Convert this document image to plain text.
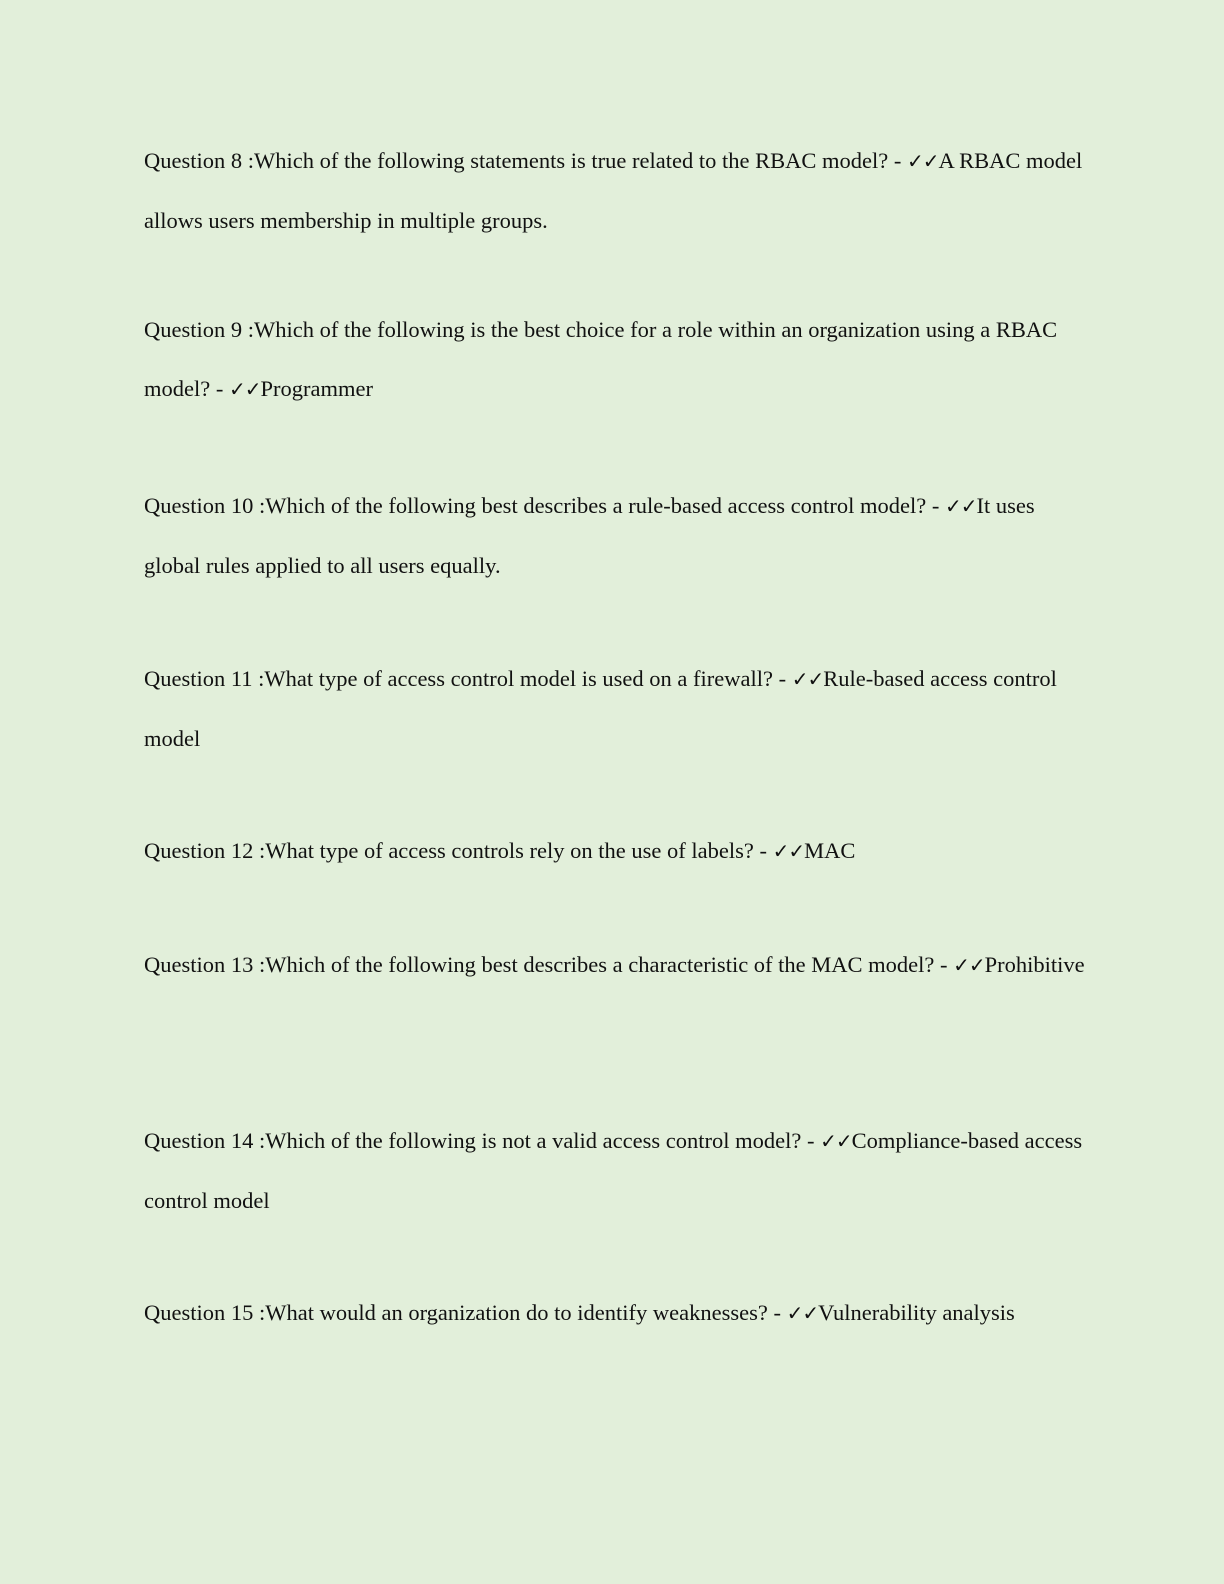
Question 8 :Which of the following statements is true related to the RBAC model? - ✓✓A RBAC model allows users membership in multiple groups.

Question 9 :Which of the following is the best choice for a role within an organization using a RBAC model? - ✓✓Programmer

Question 10 :Which of the following best describes a rule-based access control model? - ✓✓It uses global rules applied to all users equally.

Question 11 :What type of access control model is used on a firewall? - ✓✓Rule-based access control model

Question 12 :What type of access controls rely on the use of labels? - ✓✓MAC

Question 13 :Which of the following best describes a characteristic of the MAC model? - ✓✓Prohibitive

Question 14 :Which of the following is not a valid access control model? - ✓✓Compliance-based access control model

Question 15 :What would an organization do to identify weaknesses? - ✓✓Vulnerability analysis
